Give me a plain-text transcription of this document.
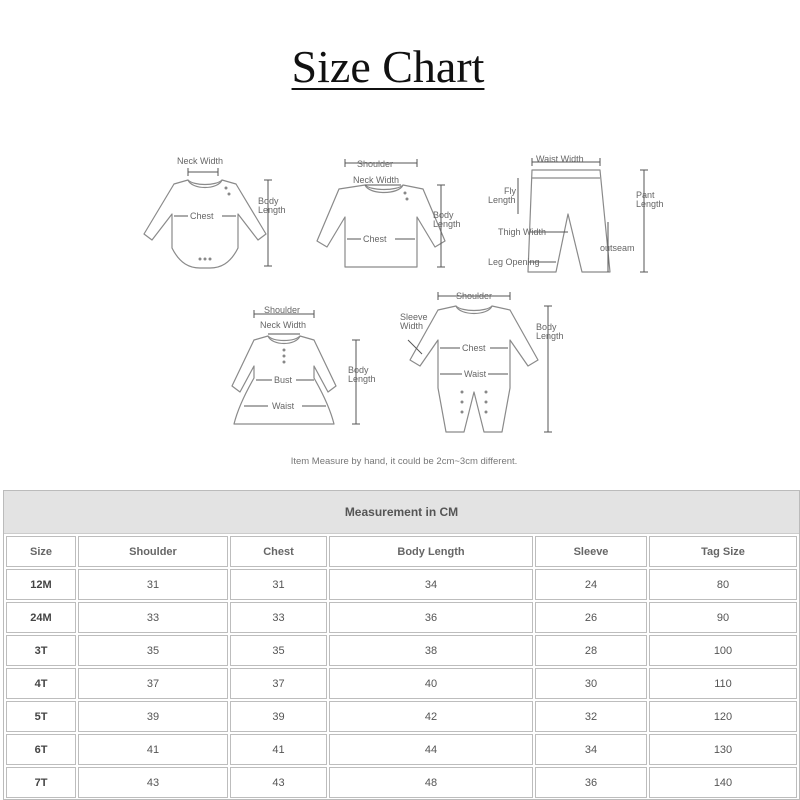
Size Chart
Neck Width
Chest
Body
Length
Shoulder
Neck Width
Chest
Body
Length
Waist Width
Fly
Length	Pant
Length
Thigh Width
outseam
Leg Opening
Shoulder
Neck Width
Bust
Waist
Body
Length
Shoulder
Sleeve
Width
Chest
Waist
Body
Length
Item Measure by hand, it could be 2cm~3cm different.
Measurement in CM
Size	Shoulder	Chest	Body Length	Sleeve	Tag Size
12M	31	31	34	24	80
24M	33	33	36	26	90
3T	35	35	38	28	100
4T	37	37	40	30	110
5T	39	39	42	32	120
6T	41	41	44	34	130
7T	43	43	48	36	140
